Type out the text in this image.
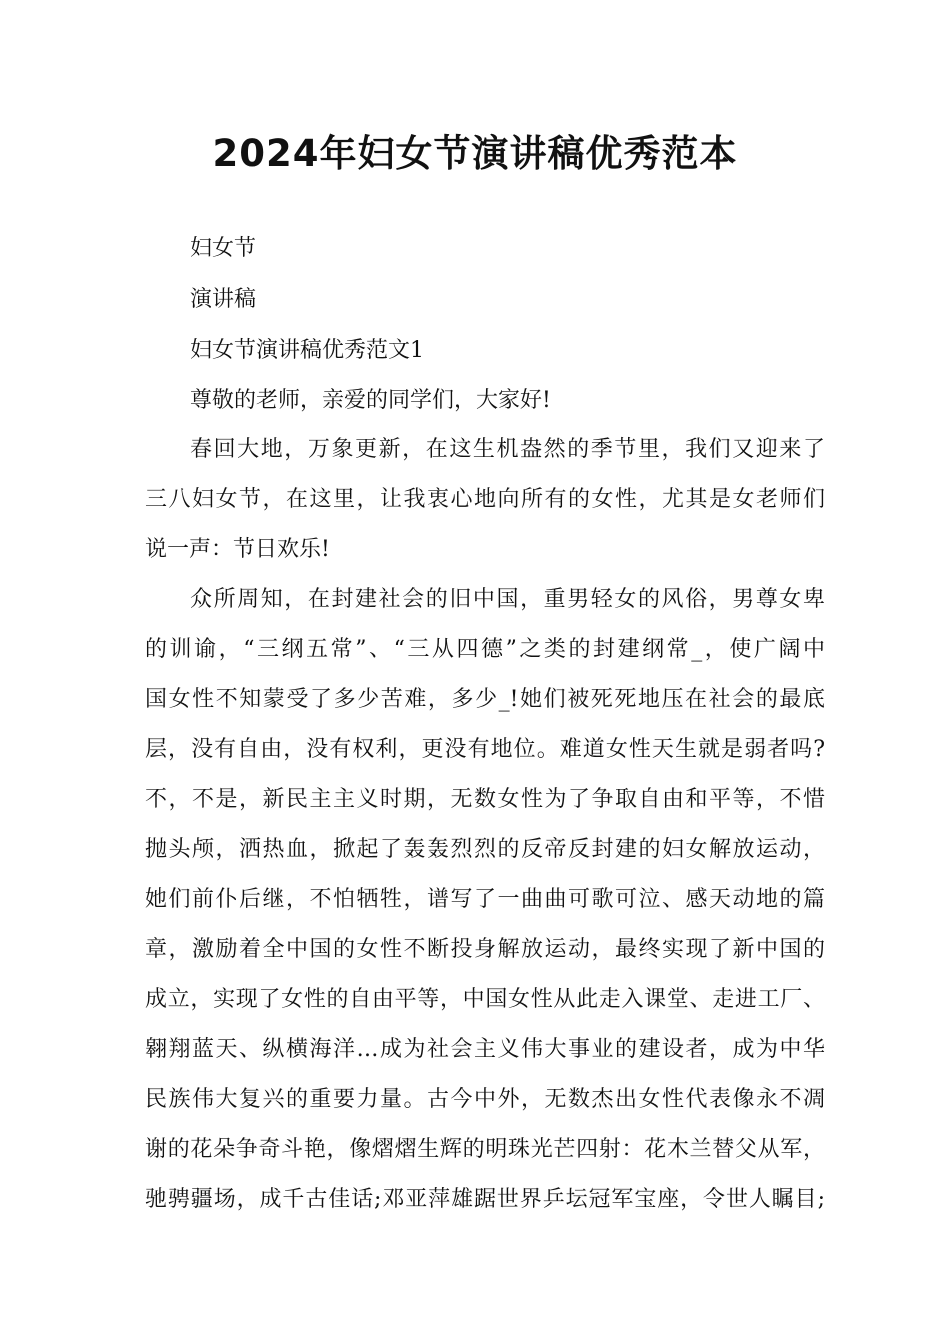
2024年妇女节演讲稿优秀范本

妇女节

演讲稿

妇女节演讲稿优秀范文1

尊敬的老师，亲爱的同学们，大家好!

春回大地，万象更新，在这生机盎然的季节里，我们又迎来了

三八妇女节，在这里，让我衷心地向所有的女性，尤其是女老师们

说一声：节日欢乐!

众所周知，在封建社会的旧中国，重男轻女的风俗，男尊女卑

的训谕，“三纲五常”、“三从四德”之类的封建纲常_，使广阔中

国女性不知蒙受了多少苦难，多少_!她们被死死地压在社会的最底

层，没有自由，没有权利，更没有地位。难道女性天生就是弱者吗?

不，不是，新民主主义时期，无数女性为了争取自由和平等，不惜

抛头颅，洒热血，掀起了轰轰烈烈的反帝反封建的妇女解放运动，

她们前仆后继，不怕牺牲，谱写了一曲曲可歌可泣、感天动地的篇

章，激励着全中国的女性不断投身解放运动，最终实现了新中国的

成立，实现了女性的自由平等，中国女性从此走入课堂、走进工厂、

翱翔蓝天、纵横海洋…成为社会主义伟大事业的建设者，成为中华

民族伟大复兴的重要力量。古今中外，无数杰出女性代表像永不凋

谢的花朵争奇斗艳，像熠熠生辉的明珠光芒四射：花木兰替父从军，

驰骋疆场，成千古佳话;邓亚萍雄踞世界乒坛冠军宝座，令世人瞩目;
